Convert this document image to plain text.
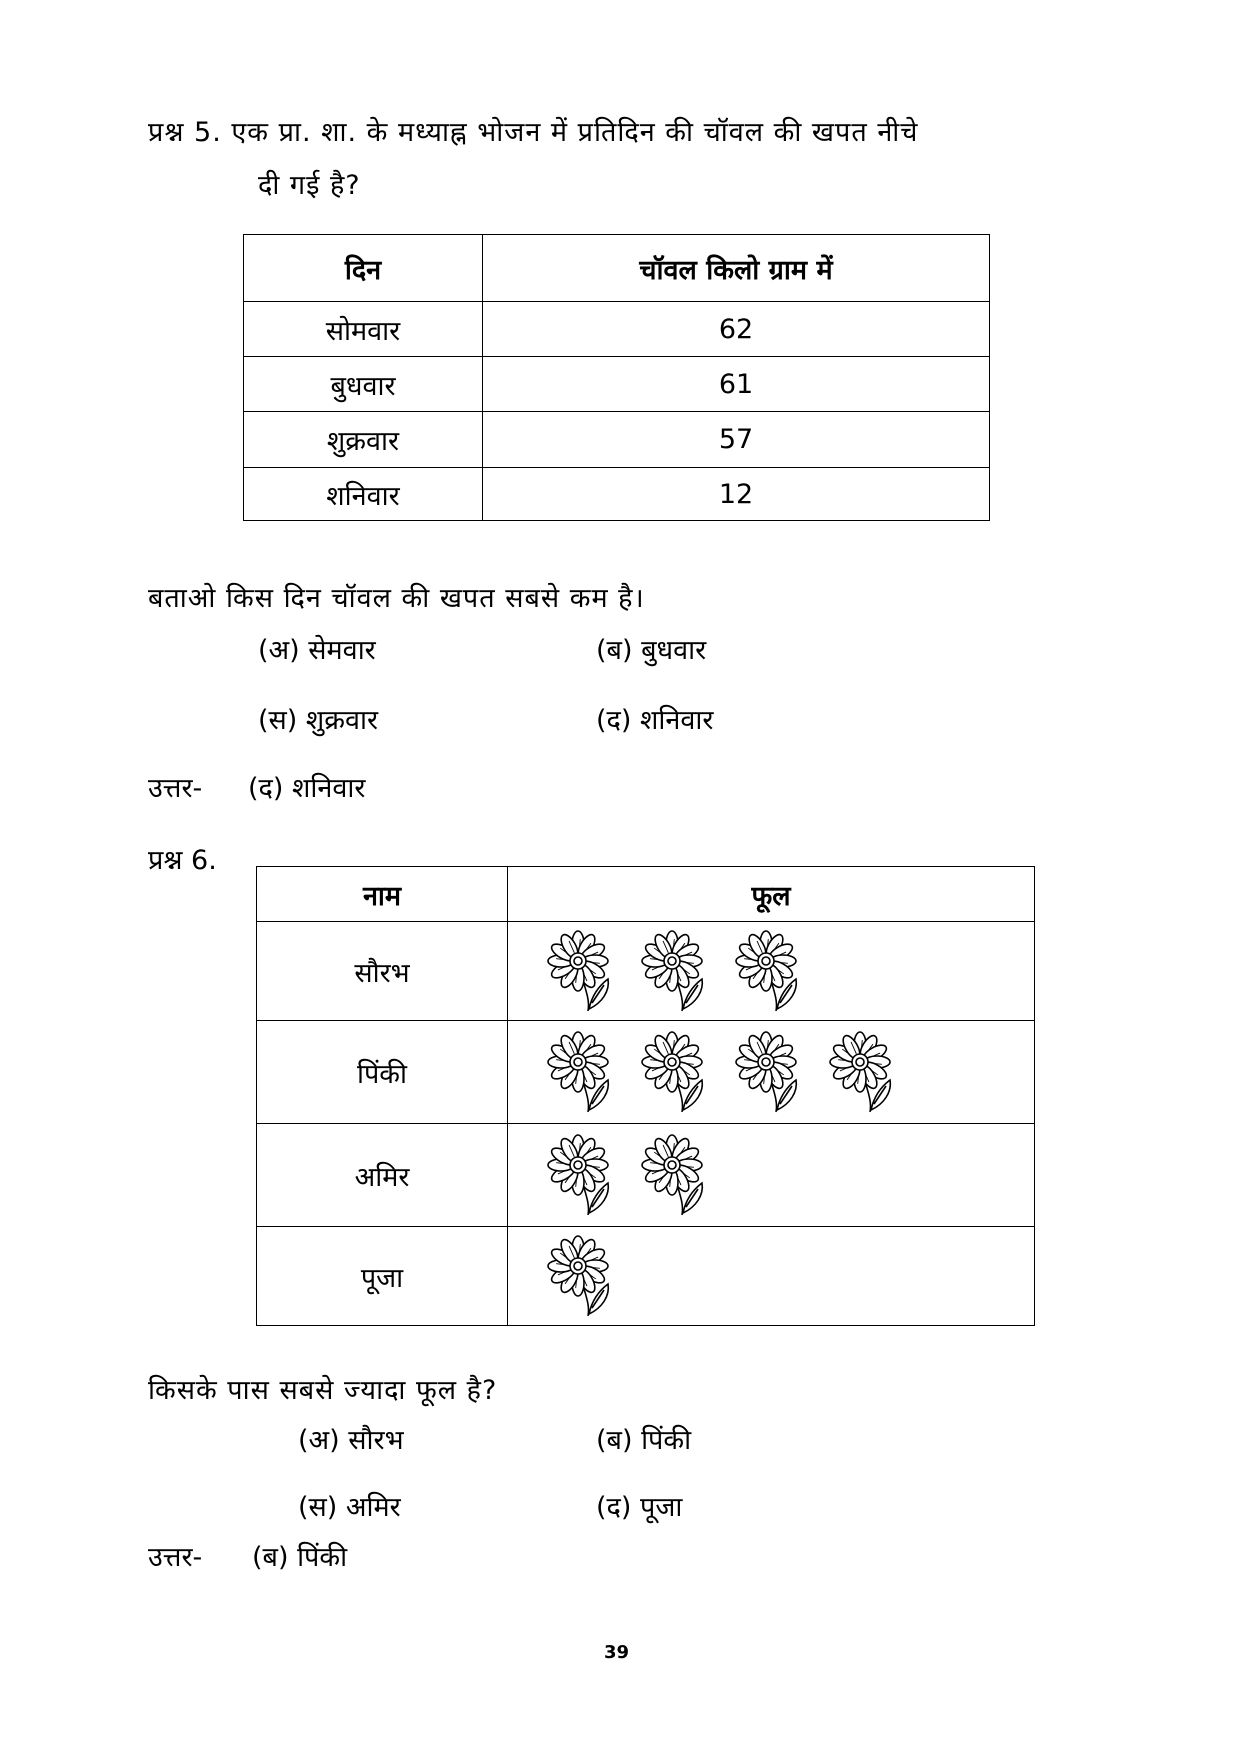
प्रश्न 5. एक प्रा. शा. के मध्याह्न भोजन में प्रतिदिन की चॉवल की खपत नीचे
दी गई है?
दिन	चॉवल किलो ग्राम में
सोमवार	62
बुधवार	61
शुक्रवार	57
शनिवार	12
बताओ किस दिन चॉवल की खपत सबसे कम है।
(अ) सेमवार	(ब) बुधवार
(स) शुक्रवार	(द) शनिवार
उत्तर- (द) शनिवार
प्रश्न 6.
नाम	फूल
सौरभ	
पिंकी	
अमिर	
पूजा	
किसके पास सबसे ज्यादा फूल है?
(अ) सौरभ	(ब) पिंकी
(स) अमिर	(द) पूजा
उत्तर- (ब) पिंकी
39
